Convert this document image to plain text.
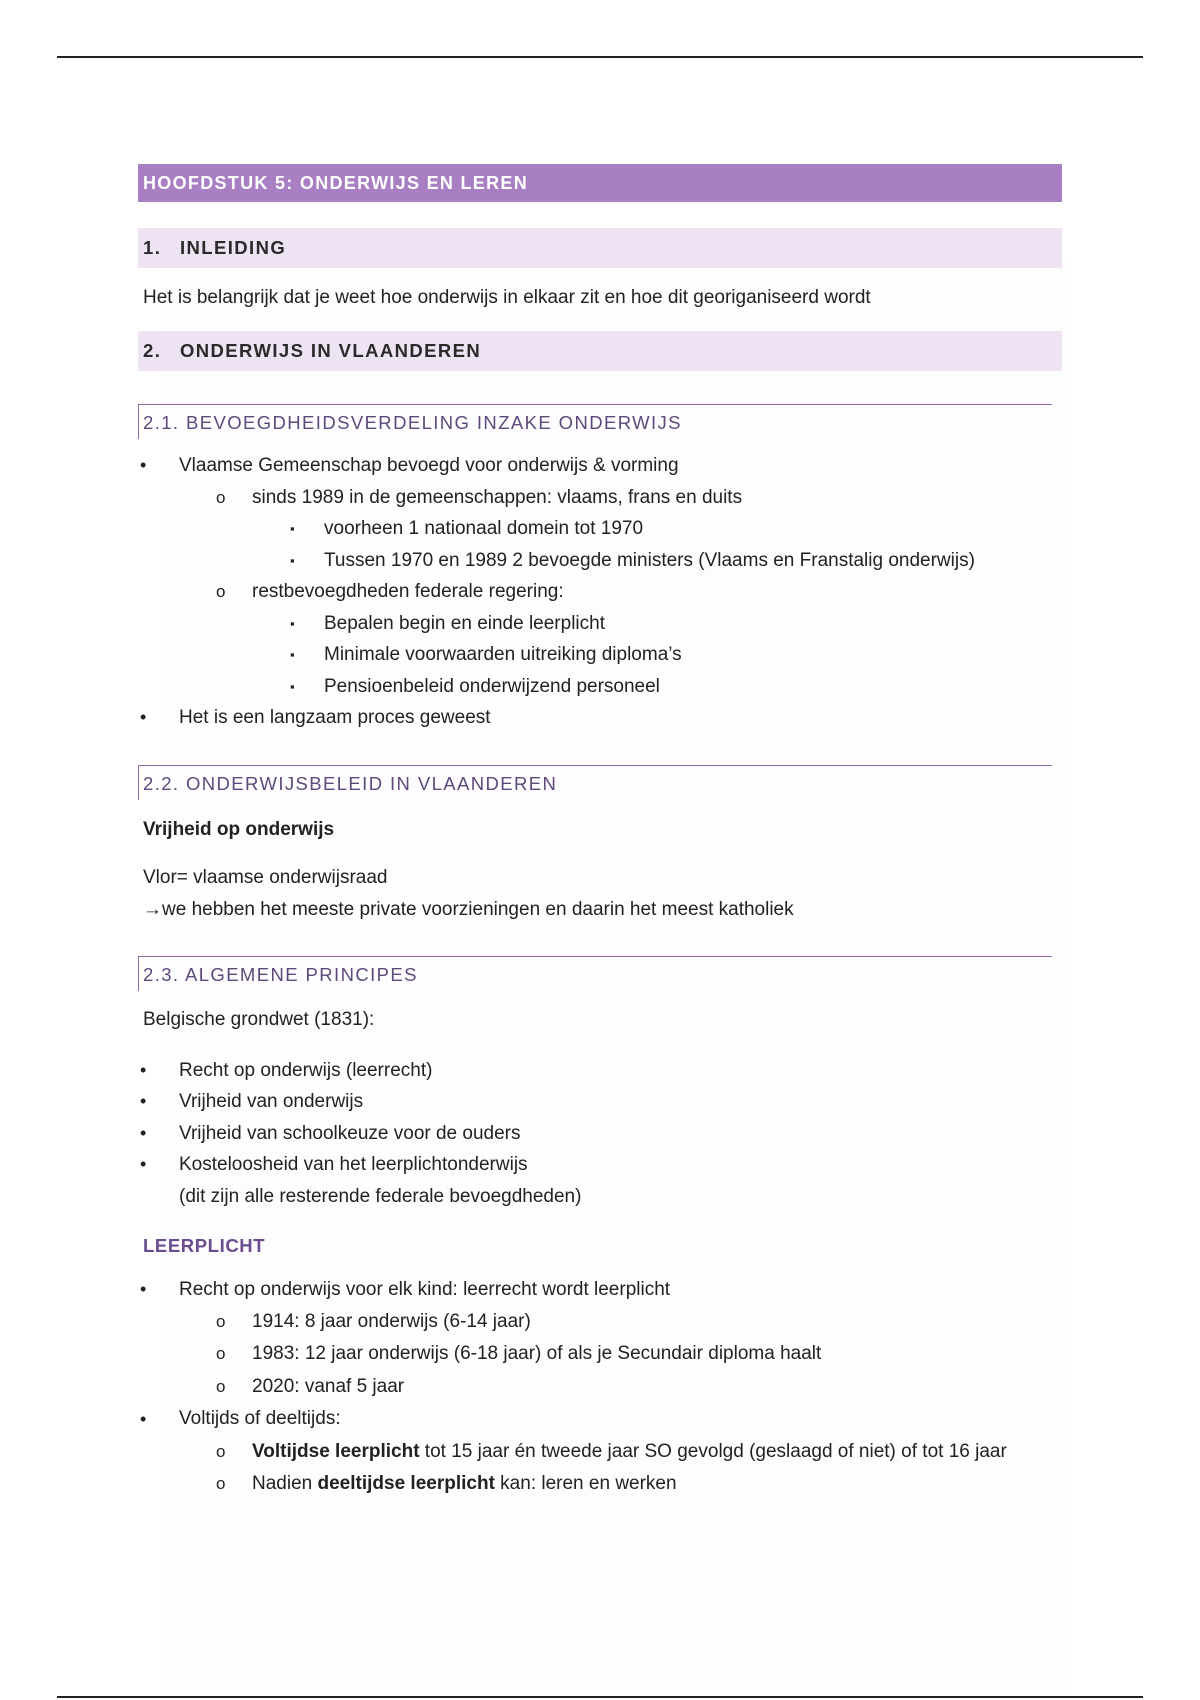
HOOFDSTUK 5: ONDERWIJS EN LEREN
1. INLEIDING

Het is belangrijk dat je weet hoe onderwijs in elkaar zit en hoe dit georiganiseerd wordt

2. ONDERWIJS IN VLAANDEREN
2.1. BEVOEGDHEIDSVERDELING INZAKE ONDERWIJS
• Vlaamse Gemeenschap bevoegd voor onderwijs & vorming
o sinds 1989 in de gemeenschappen: vlaams, frans en duits
▪ voorheen 1 nationaal domein tot 1970
▪ Tussen 1970 en 1989 2 bevoegde ministers (Vlaams en Franstalig onderwijs)
o restbevoegdheden federale regering:
▪ Bepalen begin en einde leerplicht
▪ Minimale voorwaarden uitreiking diploma’s
▪ Pensioenbeleid onderwijzend personeel
• Het is een langzaam proces geweest
2.2. ONDERWIJSBELEID IN VLAANDEREN

Vrijheid op onderwijs

Vlor= vlaamse onderwijsraad

→we hebben het meeste private voorzieningen en daarin het meest katholiek

2.3. ALGEMENE PRINCIPES

Belgische grondwet (1831):

• Recht op onderwijs (leerrecht)
• Vrijheid van onderwijs
• Vrijheid van schoolkeuze voor de ouders
• Kosteloosheid van het leerplichtonderwijs
(dit zijn alle resterende federale bevoegdheden)
LEERPLICHT
• Recht op onderwijs voor elk kind: leerrecht wordt leerplicht
o 1914: 8 jaar onderwijs (6-14 jaar)
o 1983: 12 jaar onderwijs (6-18 jaar) of als je Secundair diploma haalt
o 2020: vanaf 5 jaar
• Voltijds of deeltijds:
o Voltijdse leerplicht tot 15 jaar én tweede jaar SO gevolgd (geslaagd of niet) of tot 16 jaar
o Nadien deeltijdse leerplicht kan: leren en werken
